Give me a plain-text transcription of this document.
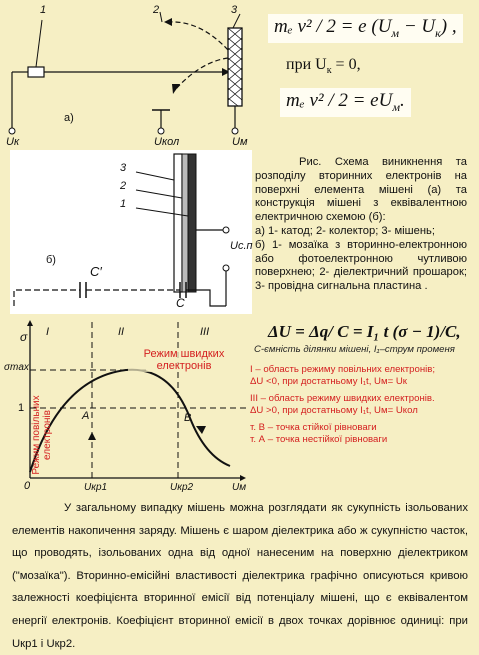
1	2	3
а)
Uк	Uкол	Uм
mₑ v² / 2 = e $(U_м - U_к)$ ,
при $U_к = 0$,
mₑ $v^2 / 2 = eU_м$.
3
2
1
б)
C′
C
Uс.п
Рис. Схема виникнення та розподілу вторинних електронів на поверхні елемента мішені (а) та конструкція мішені з еквівалентною електричною схемою (б):
а) 1- катод; 2- колектор; 3- мішень;
б) 1- мозаїка з вторинно-електронною або фотоелектронною чутливою поверхнею; 2- діелектричний прошарок; 3- провідна сигнальна пластина .
σmax
σ
1
0
І	ІІ	ІІІ
Uкр1	Uкр2	Uм
A	B
Режим швидких електронів
Режим повільних електронів
ΔU = Δq/ C = I₁ t (σ − 1)/C,
С-ємність ділянки мішені, I₁–струм променя
І – область режиму повільних електронів;
ΔU <0, при достатньому I₁t, Uм= Uк
ІІІ – область режиму швидких електронів.
ΔU >0, при достатньому I₁t, Uм= Uкол
т. В – точка стійкої рівноваги
т. А – точка нестійкої рівноваги
У загальному випадку мішень можна розглядати як сукупність ізольованих елементів накопичення заряду. Мішень є шаром діелектрика або ж сукупністю часток, що проводять, ізольованих одна від одної нанесеним на поверхню діелектриком ("мозаїка"). Вторинно-емісійні властивості діелектрика графічно описуються кривою залежності коефіцієнта вторинної емісії від потенціалу мішені, що є еквівалентом енергії електронів. Коефіцієнт вторинної емісії в двох точках дорівнює одиниці: при Uкр1 і Uкр2.
